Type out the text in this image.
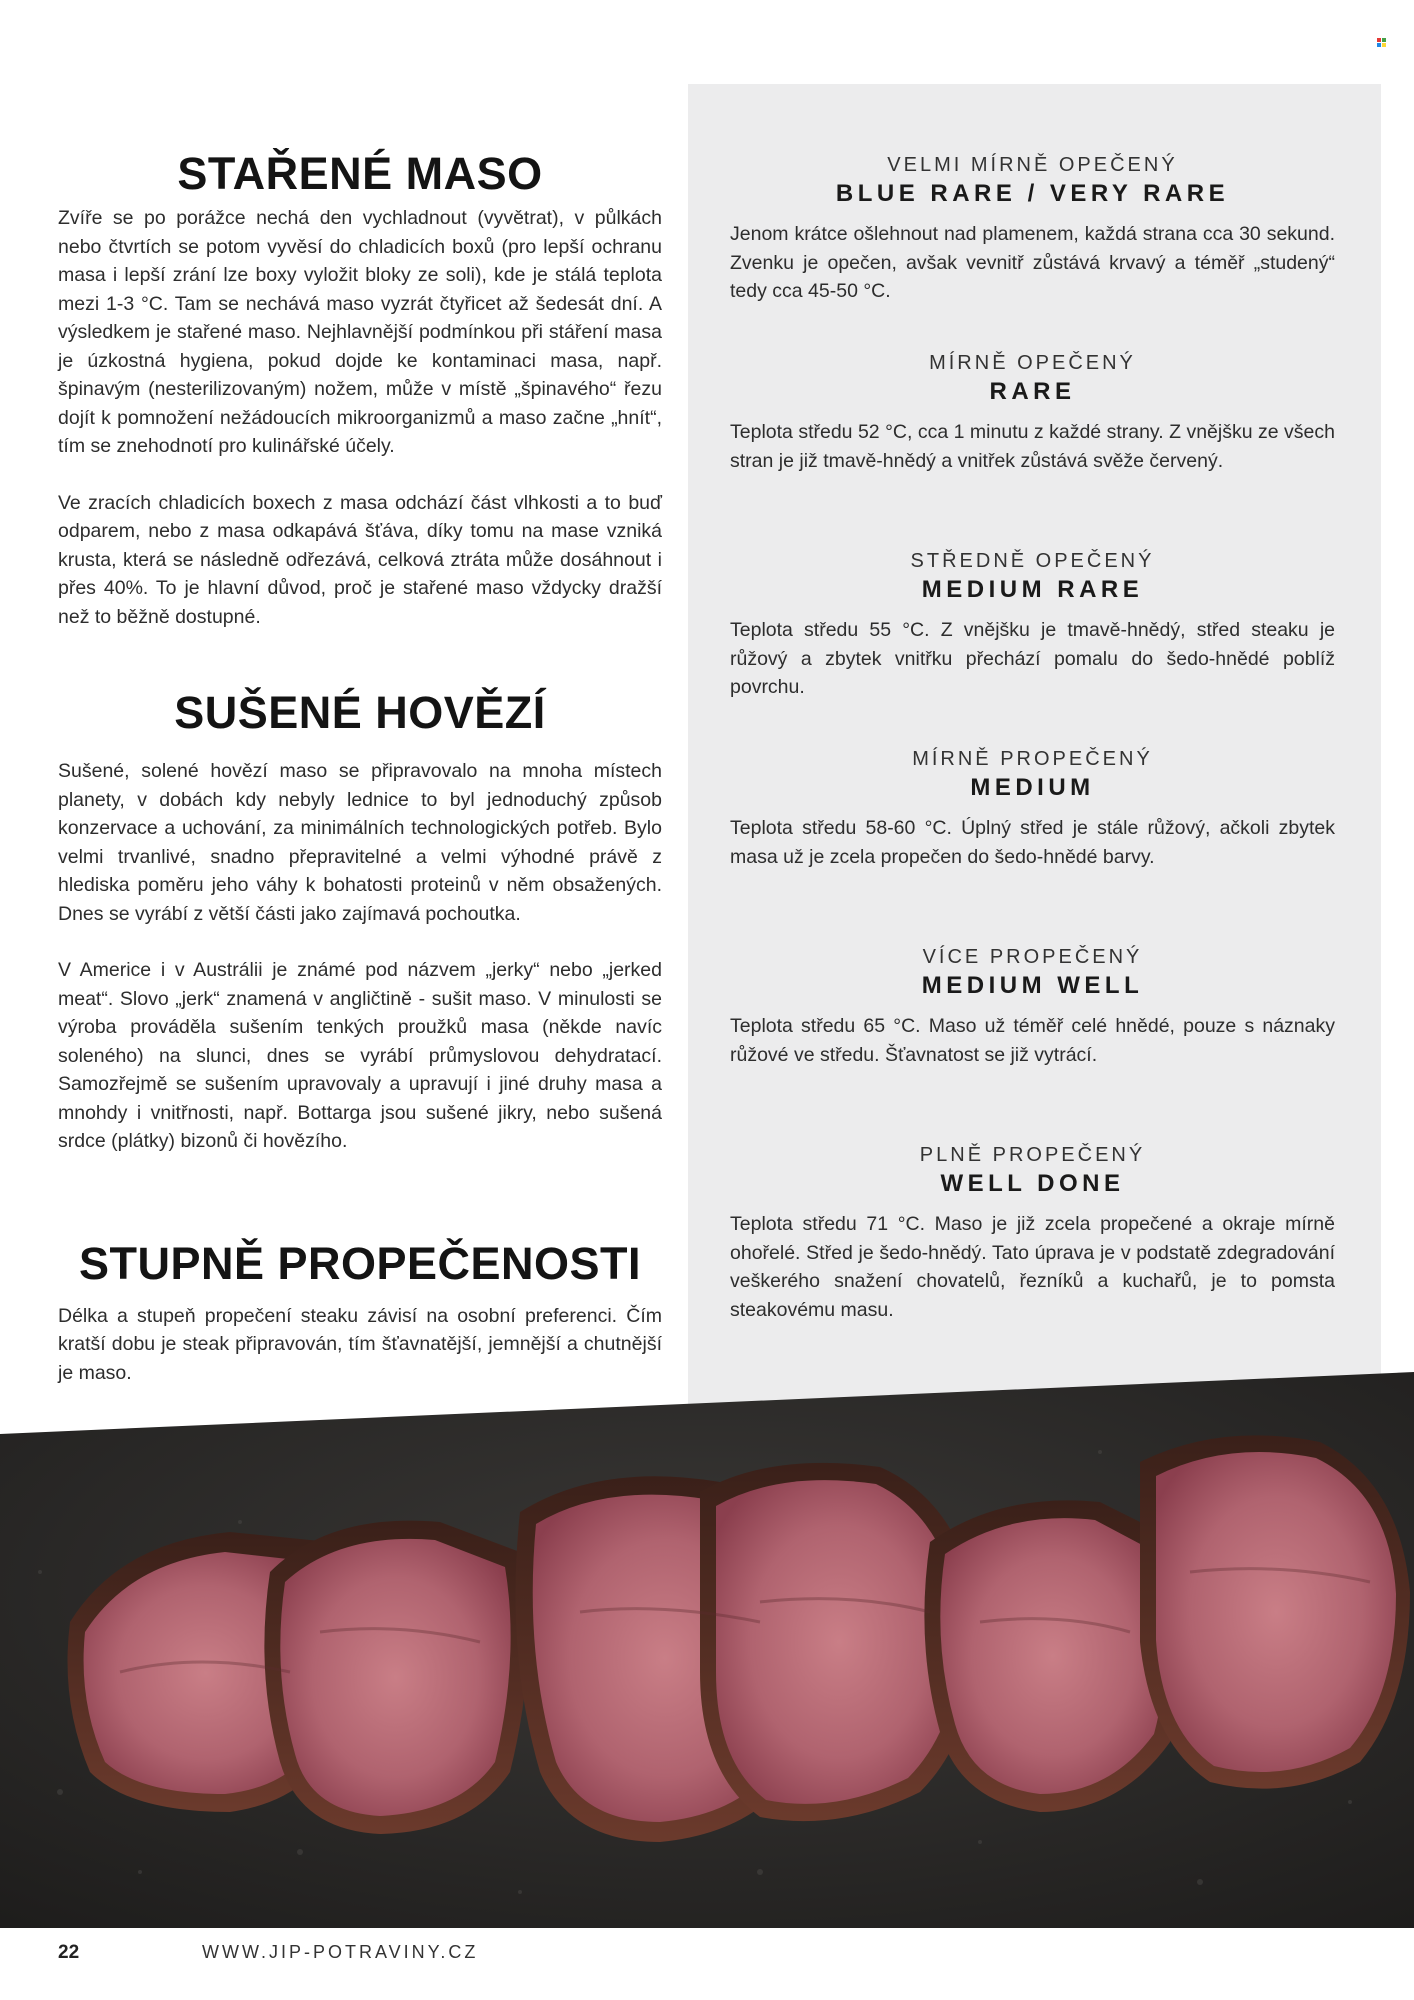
STAŘENÉ MASO

Zvíře se po porážce nechá den vychladnout (vyvětrat), v půlkách nebo čtvrtích se potom vyvěsí do chladicích boxů (pro lepší ochranu masa i lepší zrání lze boxy vyložit bloky ze soli), kde je stálá teplota mezi 1-3 °C. Tam se nechává maso vyzrát čtyřicet až šedesát dní. A výsledkem je stařené maso. Nejhlavnější podmínkou při stáření masa je úzkostná hygiena, pokud dojde ke kontaminaci masa, např. špinavým (nesterilizovaným) nožem, může v místě „špinavého“ řezu dojít k pomnožení nežádoucích mikroorganizmů a maso začne „hnít“, tím se znehodnotí pro kulinářské účely.

Ve zracích chladicích boxech z masa odchází část vlhkosti a to buď odparem, nebo z masa odkapává šťáva, díky tomu na mase vzniká krusta, která se následně odřezává, celková ztráta může dosáhnout i přes 40%. To je hlavní důvod, proč je stařené maso vždycky dražší než to běžně dostupné.

SUŠENÉ HOVĚZÍ

Sušené, solené hovězí maso se připravovalo na mnoha místech planety, v dobách kdy nebyly lednice to byl jednoduchý způsob konzervace a uchování, za minimálních technologických potřeb. Bylo velmi trvanlivé, snadno přepravitelné a velmi výhodné právě z hlediska poměru jeho váhy k bohatosti proteinů v něm obsažených. Dnes se vyrábí z větší části jako zajímavá pochoutka.

V Americe i v Austrálii je známé pod názvem „jerky“ nebo „jerked meat“. Slovo „jerk“ znamená v angličtině - sušit maso. V minulosti se výroba prováděla sušením tenkých proužků masa (někde navíc soleného) na slunci, dnes se vyrábí průmyslovou dehydratací. Samozřejmě se sušením upravovaly a upravují i jiné druhy masa a mnohdy i vnitřnosti, např. Bottarga jsou sušené jikry, nebo sušená srdce (plátky) bizonů či hovězího.

STUPNĚ PROPEČENOSTI

Délka a stupeň propečení steaku závisí na osobní preferenci. Čím kratší dobu je steak připravován, tím šťavnatější, jemnější a chutnější je maso.

VELMI MÍRNĚ OPEČENÝ
BLUE RARE / VERY RARE
Jenom krátce ošlehnout nad plamenem, každá strana cca 30 sekund. Zvenku je opečen, avšak vevnitř zůstává krvavý a téměř „studený“ tedy cca 45-50 °C.
MÍRNĚ OPEČENÝ
RARE
Teplota středu 52 °C, cca 1 minutu z každé strany. Z vnějšku ze všech stran je již tmavě-hnědý a vnitřek zůstává svěže červený.
STŘEDNĚ OPEČENÝ
MEDIUM RARE
Teplota středu 55 °C. Z vnějšku je tmavě-hnědý, střed steaku je růžový a zbytek vnitřku přechází pomalu do šedo-hnědé poblíž povrchu.
MÍRNĚ PROPEČENÝ
MEDIUM
Teplota středu 58-60 °C. Úplný střed je stále růžový, ačkoli zbytek masa už je zcela propečen do šedo-hnědé barvy.
VÍCE PROPEČENÝ
MEDIUM WELL
Teplota středu 65 °C. Maso už téměř celé hnědé, pouze s náznaky růžové ve středu. Šťavnatost se již vytrácí.
PLNĚ PROPEČENÝ
WELL DONE
Teplota středu 71 °C. Maso je již zcela propečené a okraje mírně ohořelé. Střed je šedo-hnědý. Tato úprava je v podstatě zdegradování veškerého snažení chovatelů, řezníků a kuchařů, je to pomsta steakovému masu.
22	WWW.JIP-POTRAVINY.CZ
